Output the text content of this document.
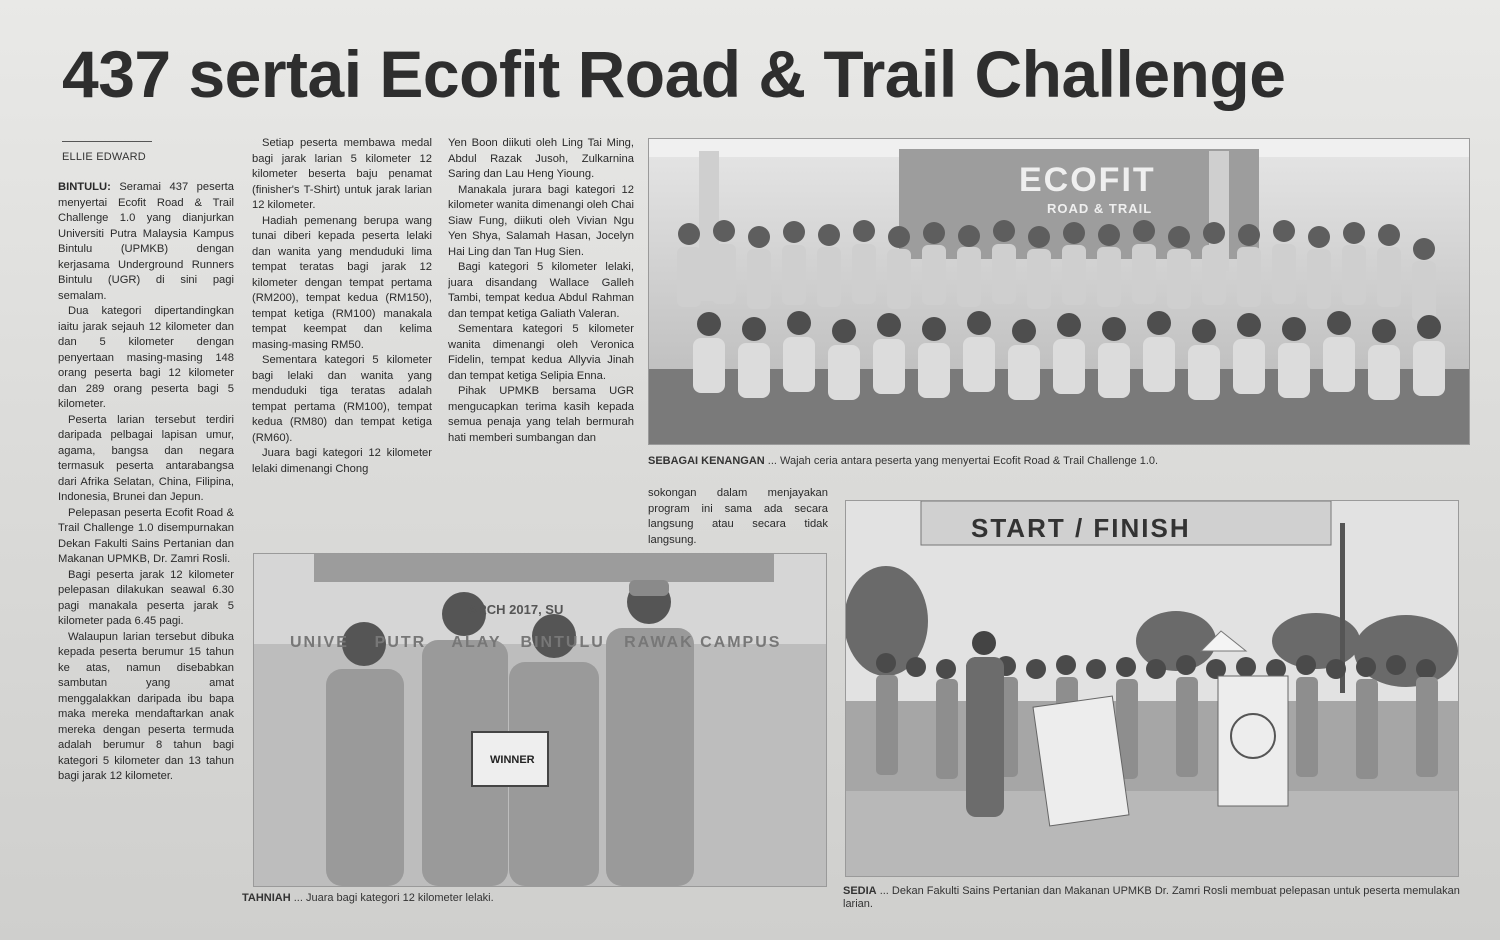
437 sertai Ecofit Road & Trail Challenge
ELLIE EDWARD

BINTULU: Seramai 437 peserta menyertai Ecofit Road & Trail Challenge 1.0 yang dianjurkan Universiti Putra Malaysia Kampus Bintulu (UPMKB) dengan kerjasama Underground Runners Bintulu (UGR) di sini pagi semalam.

Dua kategori dipertandingkan iaitu jarak sejauh 12 kilometer dan dan 5 kilometer dengan penyertaan masing-masing 148 orang peserta bagi 12 kilometer dan 289 orang peserta bagi 5 kilometer.

Peserta larian tersebut terdiri daripada pelbagai lapisan umur, agama, bangsa dan negara termasuk peserta antarabangsa dari Afrika Selatan, China, Filipina, Indonesia, Brunei dan Jepun.

Pelepasan peserta Ecofit Road & Trail Challenge 1.0 disempurnakan Dekan Fakulti Sains Pertanian dan Makanan UPMKB, Dr. Zamri Rosli.

Bagi peserta jarak 12 kilometer pelepasan dilakukan seawal 6.30 pagi manakala peserta jarak 5 kilometer pada 6.45 pagi.

Walaupun larian tersebut dibuka kepada peserta berumur 15 tahun ke atas, namun disebabkan sambutan yang amat menggalakkan daripada ibu bapa maka mereka mendaftarkan anak mereka dengan peserta termuda adalah berumur 8 tahun bagi kategori 5 kilometer dan 13 tahun bagi jarak 12 kilometer.

Setiap peserta membawa medal bagi jarak larian 5 kilometer 12 kilometer beserta baju penamat (finisher's T-Shirt) untuk jarak larian 12 kilometer.

Hadiah pemenang berupa wang tunai diberi kepada peserta lelaki dan wanita yang menduduki lima tempat teratas bagi jarak 12 kilometer dengan tempat pertama (RM200), tempat kedua (RM150), tempat ketiga (RM100) manakala tempat keempat dan kelima masing-masing RM50.

Sementara kategori 5 kilometer bagi lelaki dan wanita yang menduduki tiga teratas adalah tempat pertama (RM100), tempat kedua (RM80) dan tempat ketiga (RM60).

Juara bagi kategori 12 kilometer lelaki dimenangi Chong

Yen Boon diikuti oleh Ling Tai Ming, Abdul Razak Jusoh, Zulkarnina Saring dan Lau Heng Yioung.

Manakala jurara bagi kategori 12 kilometer wanita dimenangi oleh Chai Siaw Fung, diikuti oleh Vivian Ngu Yen Shya, Salamah Hasan, Jocelyn Hai Ling dan Tan Hug Sien.

Bagi kategori 5 kilometer lelaki, juara disandang Wallace Galleh Tambi, tempat kedua Abdul Rahman dan tempat ketiga Galiath Valeran.

Sementara kategori 5 kilometer wanita dimenangi oleh Veronica Fidelin, tempat kedua Allyvia Jinah dan tempat ketiga Selipia Enna.

Pihak UPMKB bersama UGR mengucapkan terima kasih kepada semua penaja yang telah bermurah hati memberi sumbangan dan

sokongan dalam menjayakan program ini sama ada secara langsung atau secara tidak langsung.

ECOFIT
ROAD & TRAIL
SEBAGAI KENANGAN ... Wajah ceria antara peserta yang menyertai Ecofit Road & Trail Challenge 1.0.
UNIVE    PUTR    ALAY   BINTULU   RAWAK CAMPUS
ARCH 2017, SU
WINNER
TAHNIAH ... Juara bagi kategori 12 kilometer lelaki.
START / FINISH
SEDIA ... Dekan Fakulti Sains Pertanian dan Makanan UPMKB Dr. Zamri Rosli membuat pelepasan untuk peserta memulakan larian.
